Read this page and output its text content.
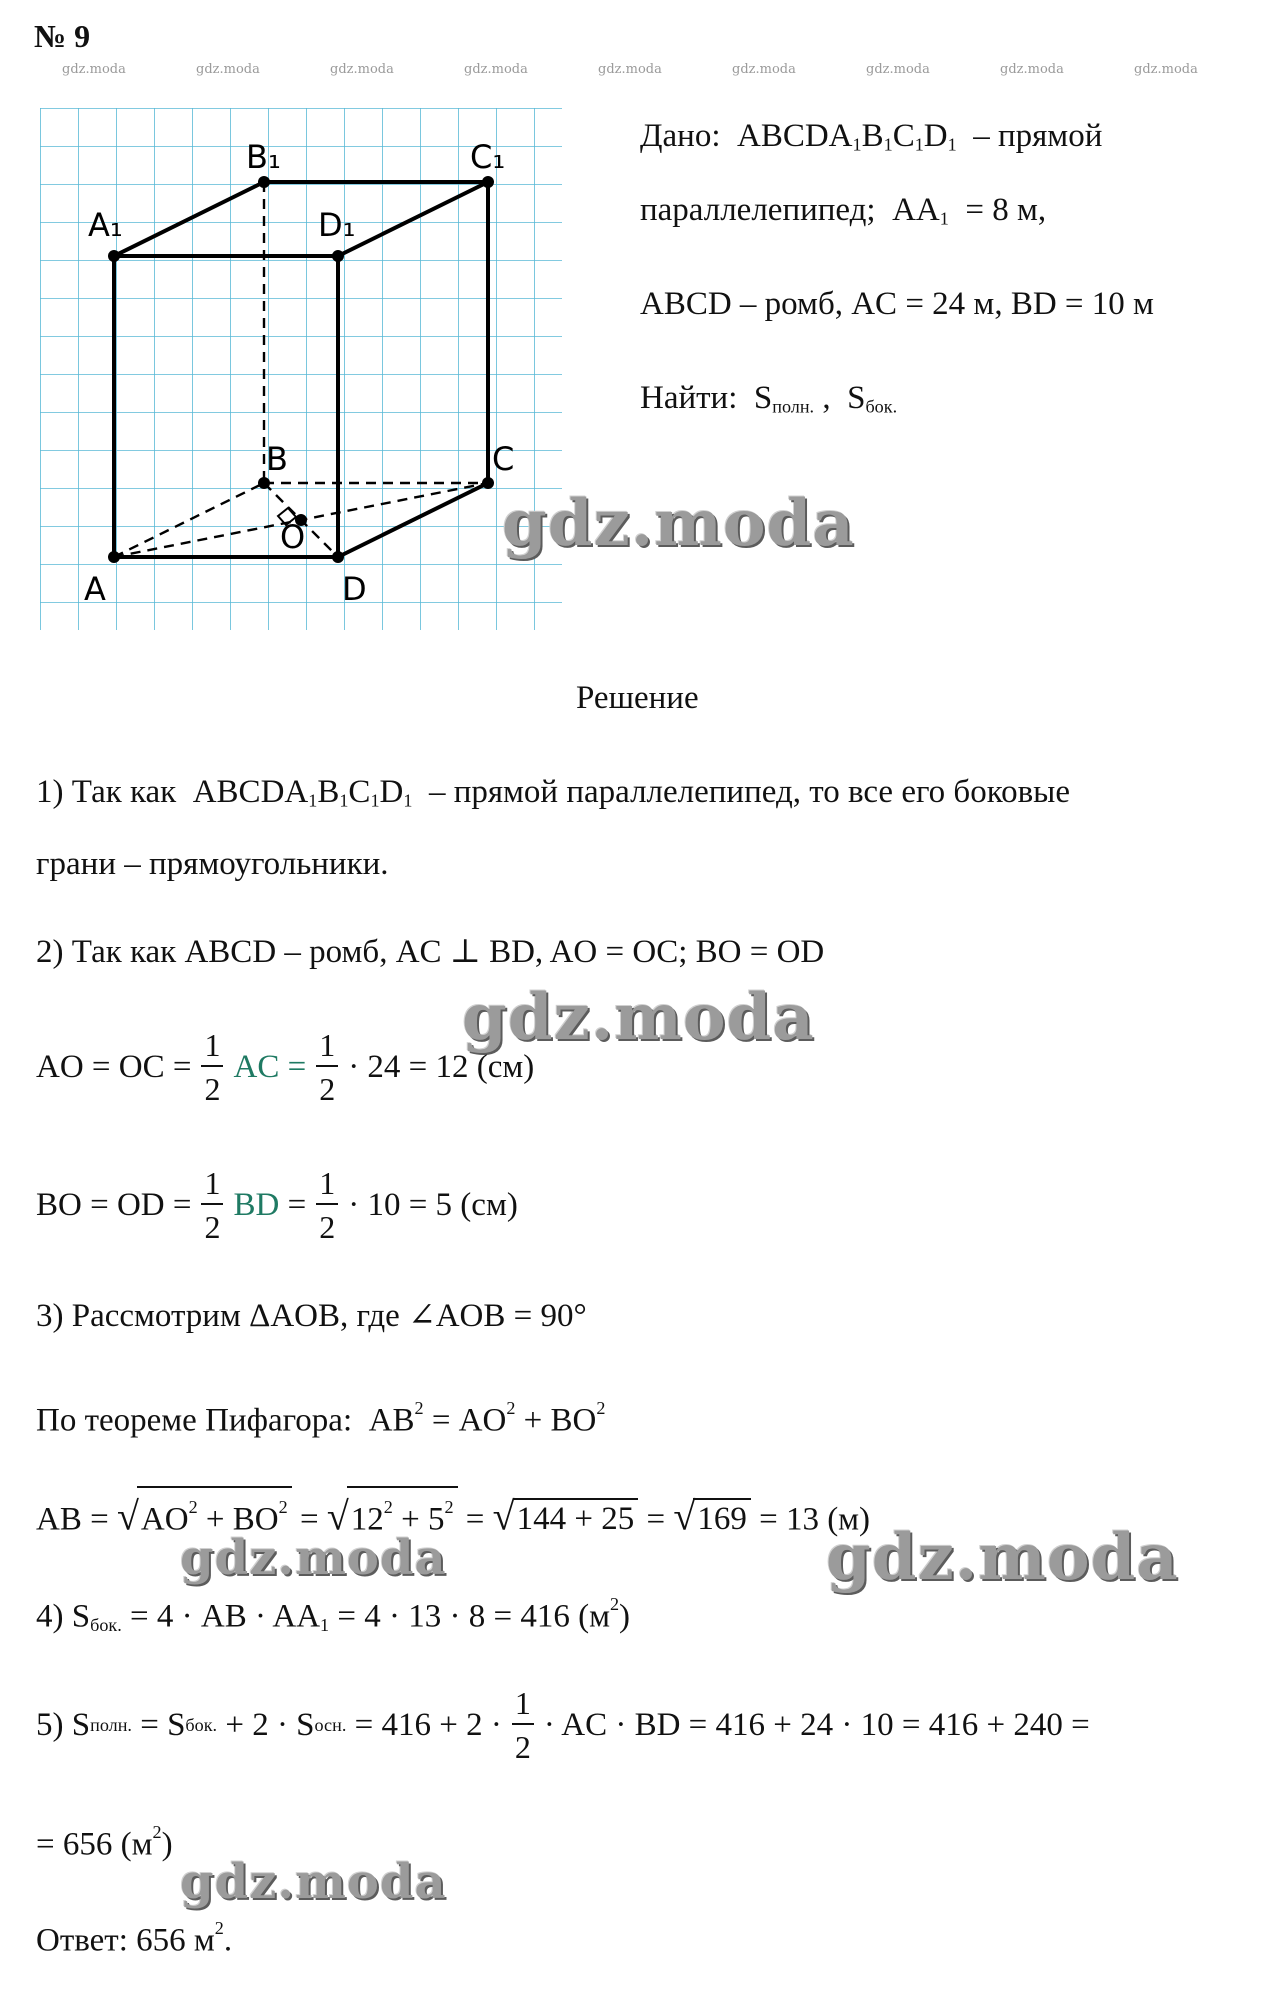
№ 9
gdz.moda	gdz.moda	gdz.moda	gdz.moda	gdz.moda	gdz.moda	gdz.moda	gdz.moda	gdz.moda
B₁	C₁
A₁	D₁
B	C
O
A	D
Дано: $ABCDA_1B_1C_1D_1$ – прямой
параллелепипед;  $AA_1 = 8$ м,
ABCD – ромб, AC = 24 м, BD = 10 м
Найти:  $S_{полн.}$ ,  $S_{бок.}$
gdz.moda
Решение
1) Так как  $ABCDA_1B_1C_1D_1$ – прямой параллелепипед, то все его боковые
грани – прямоугольники.
2) Так как ABCD – ромб, AC ⊥ BD, AO = OC; BO = OD
gdz.moda
AO = OC = $\frac{1}{2}$ AC = $\frac{1}{2} \cdot 24 = 12$ (см)
BO = OD = $\frac{1}{2}$ BD
= $\frac{1}{2} \cdot 10 = 5$ (см)
3) Рассмотрим ΔAOB, где ∠AOB = 90°
По теореме Пифагора:  $AB^2 = AO^2 + BO^2$
AB = $√AO^2 + BO^2 = √12^2 + 5^2 = √144 + 25 = √169 = 13$ (м)
gdz.moda	gdz.moda
4) $S_{бок.} = 4$ · AB · $AA_1 = 4 \cdot 13 \cdot 8 = 416$ $(м^2)$
5) S полн. = S бок. + 2 · S осн.
= $416 + 2 \cdot \frac{1}{2}$ · AC · BD = 416 + 24 · 10 = 416 + 240 =
= 656 $(м^2)$
gdz.moda
Ответ: 656 $м^2$.
